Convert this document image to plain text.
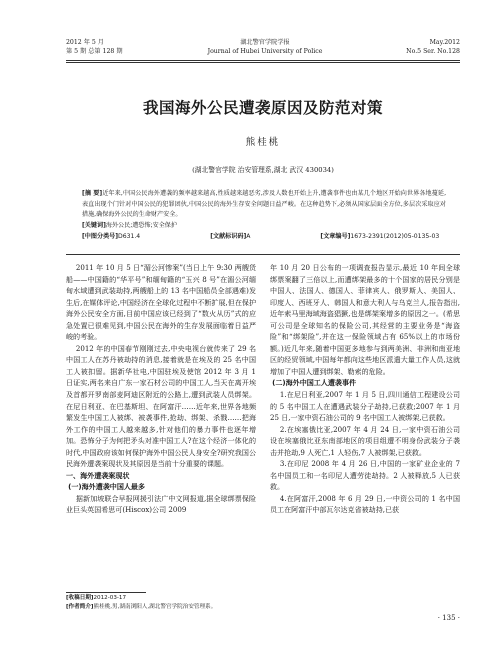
2012 年 5 月
第 5 期 总第 128 期
湖北警官学院学报
Journal of Hubei University of Police
May.2012
No.5 Ser. No.128
我国海外公民遭袭原因及防范对策
熊桂桃
(湖北警官学院 治安管理系,湖北 武汉 430034)

[摘 要]近年来,中国公民海外遭袭的频率越来越高,性质越来越恶劣,涉及人数也开始上升,遭袭事件也由某几个地区开始向世界各地蔓延,表直出现个门针对中国公民的犯罪团伙,中国公民的海外生存安全问题日益严峻。在这种趋势下,必须从国家层面全方位,多层次采取应对措施,确保海外公民的生命财产安全。

[关键词]海外公民;遭恐怖;安全保护

[中图分类号]D631.4	[文献标识码]A	[文章编号]1673-2391(2012)05-0135-03

2011 年 10 月 5 日“湄公河惨案”(当日上午 9:30 两艘货船——中国籍的“华平号”和缅甸籍的“玉兴 8 号”在湄公河缅甸水域遭到武装劫持,两艘船上的 13 名中国船员全部遇难)发生后,在媒体评论,中国经济在全球化过程中不断扩展,但在保护海外公民安全方面,目前中国应该已经到了“数火从历”式的应急处置已很难见到,中国公民在海外的生存发展面临着日益严峻的考验。

2012 年的中国春节刚刚过去,中央电视台就传来了 29 名中国工人在苏丹被劫持的消息,接着就是在埃及的 25 名中国工人被扣留。据新华社电,中国驻埃及使馆 2012 年 3 月 1 日证实,两名来自广东一家石材公司的中国工人,当天在离开埃及首都开罗南部麦阿迪区附近的公路上,遭到武装人员绑架。在尼日利亚、在巴基斯坦、在阿富汗……近年来,世界各地频繁发生中国工人被绑、被袭事件,抢劫、绑架、杀戮……把海外工作的中国工人越来越多,针对他们的暴力事件也逐年增加。恐怖分子为何把矛头对准中国工人?在这个经济一体化的时代,中国政府该如何保护海外中国公民人身安全?研究我国公民海外遭袭案现状及其原因是当前十分重要的课题。

一、海外遭袭案现状

(一)海外遭袭中国人最多

据新加坡联合早报网援引法广中文网报道,据全球绑票保险业巨头英国希思可(Hiscox)公司 2009

年 10 月 20 日公布的一项调查报告显示,最近 10 年间全球绑票案翻了三倍以上,而遭绑架最多的十个国家的居民分别是中国人、法国人、德国人、菲律宾人、俄罗斯人、美国人、印度人、西班牙人、韩国人和意大利人与乌克兰人,报告指出,近年索马里海域海盗猖獗,也是绑架案增多的原因之一。(希思可公司是全球知名的保险公司,其经营的主要业务是“海盗险”和“绑架险”,并在这一保险领域占有 65%以上的市场份额。)近几年来,随着中国更多地参与到两美洲、非洲和南亚地区的经贸领域,中国每年都向这些地区派遣大量工作人员,这就增加了中国人遭到绑架、勒索的危险。

(二)海外中国工人遭袭事件

1.在尼日利亚,2007 年 1 月 5 日,四川通信工程建设公司的 5 名中国工人在遭遇武装分子劫持,已获救;2007 年 1 月 25 日,一家中资石油公司的 9 名中国工人被绑架,已获救。

2.在埃塞俄比亚,2007 年 4 月 24 日,一家中资石油公司设在埃塞俄比亚东南部地区的项目组遭不明身份武装分子袭击并抢劫,9 人死亡,1 人轻伤,7 人被绑架,已获救。

3.在印尼 2008 年 4 月 26 日,中国的一家矿业企业的 7 名中国员工和一名印尼人遭劳徒劫持。2 人被释放,5 人已获救。

4.在阿富汗,2008 年 6 月 29 日,一中资公司的 1 名中国员工在阿富汗中部瓦尔达克省被劫持,已获

[收稿日期]2012-03-17
[作者简介]熊桂桃,男,湖南浏阳人,湖北警官学院治安管理系。
· 135 ·
